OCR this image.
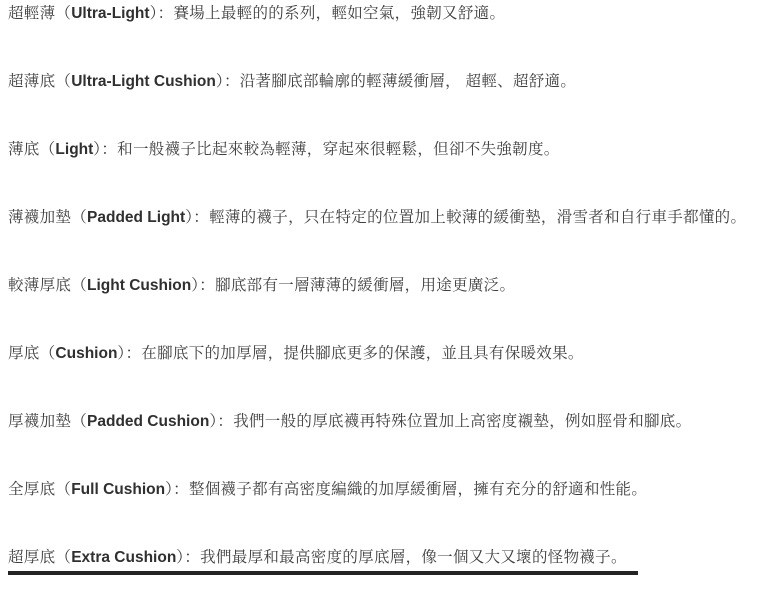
超輕薄（Ultra-Light）：賽場上最輕的的系列，輕如空氣，強韌又舒適。
超薄底（Ultra-Light Cushion）：沿著腳底部輪廓的輕薄緩衝層， 超輕、超舒適。
薄底（Light）：和一般襪子比起來較為輕薄，穿起來很輕鬆，但卻不失強韌度。
薄襪加墊（Padded Light）：輕薄的襪子，只在特定的位置加上較薄的緩衝墊，滑雪者和自行車手都懂的。
較薄厚底（Light Cushion）：腳底部有一層薄薄的緩衝層，用途更廣泛。
厚底（Cushion）：在腳底下的加厚層，提供腳底更多的保護，並且具有保暖效果。
厚襪加墊（Padded Cushion）：我們一般的厚底襪再特殊位置加上高密度襯墊，例如脛骨和腳底。
全厚底（Full Cushion）：整個襪子都有高密度編織的加厚緩衝層，擁有充分的舒適和性能。
超厚底（Extra Cushion）：我們最厚和最高密度的厚底層，像一個又大又壞的怪物襪子。
